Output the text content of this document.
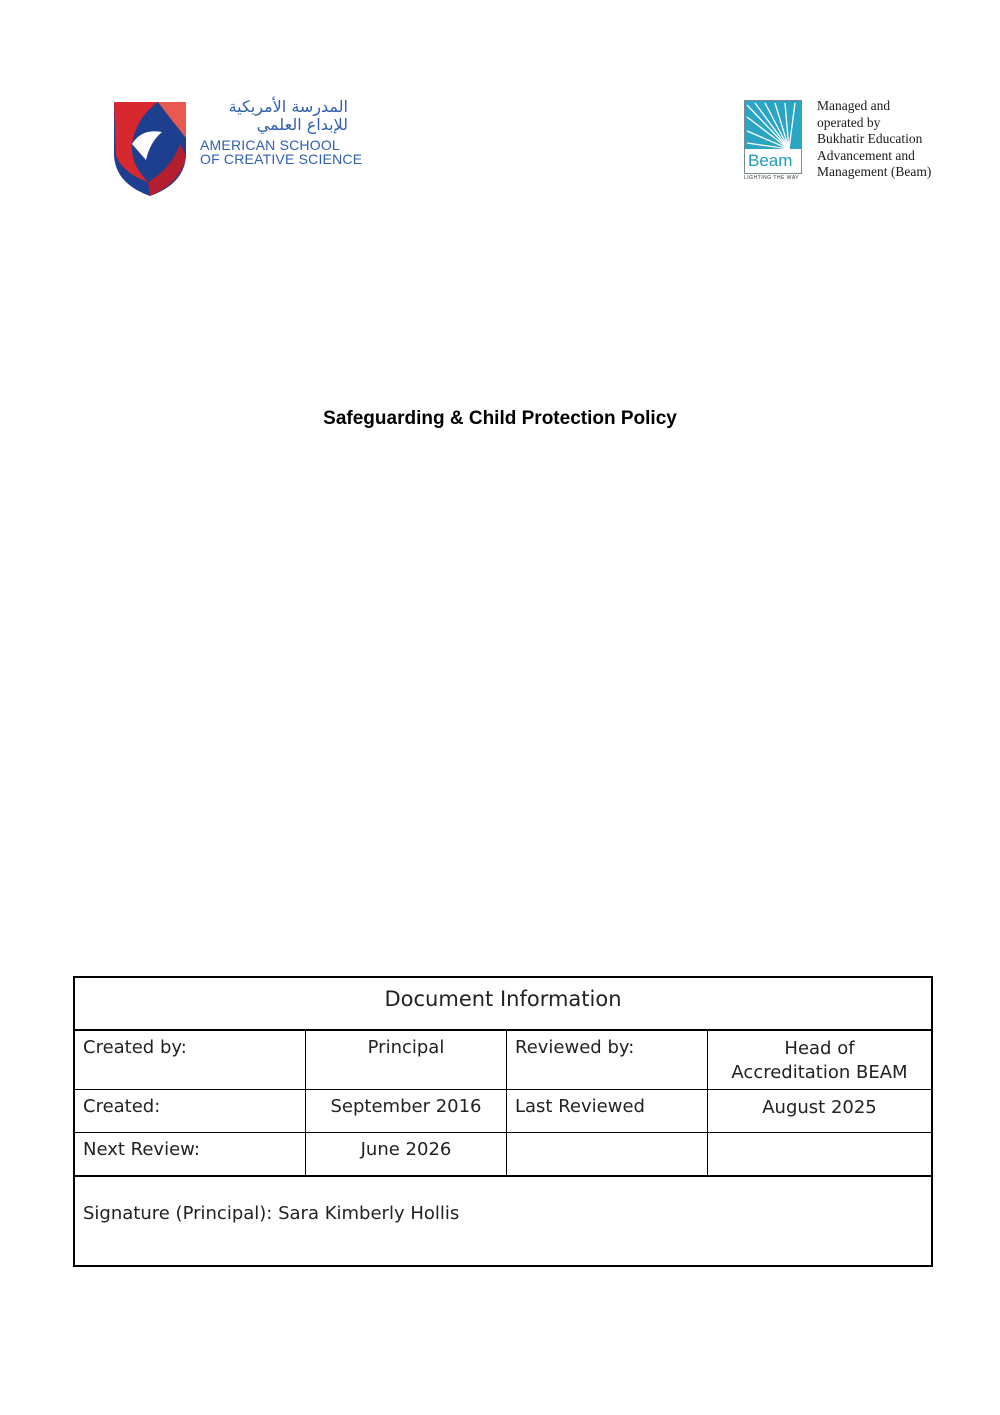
المدرسة الأمريكية
للإبداع العلمي
AMERICAN SCHOOL
OF CREATIVE SCIENCE	Beam
LIGHTING THE WAY
Managed and
operated by
Bukhatir Education
Advancement and
Management (Beam)
Safeguarding & Child Protection Policy
Document Information			
Created by:	Principal	Reviewed by:	Head of
Accreditation BEAM

Created:	September 2016	Last Reviewed	August 2025
Next Review:	June 2026		
Signature (Principal): Sara Kimberly Hollis			
